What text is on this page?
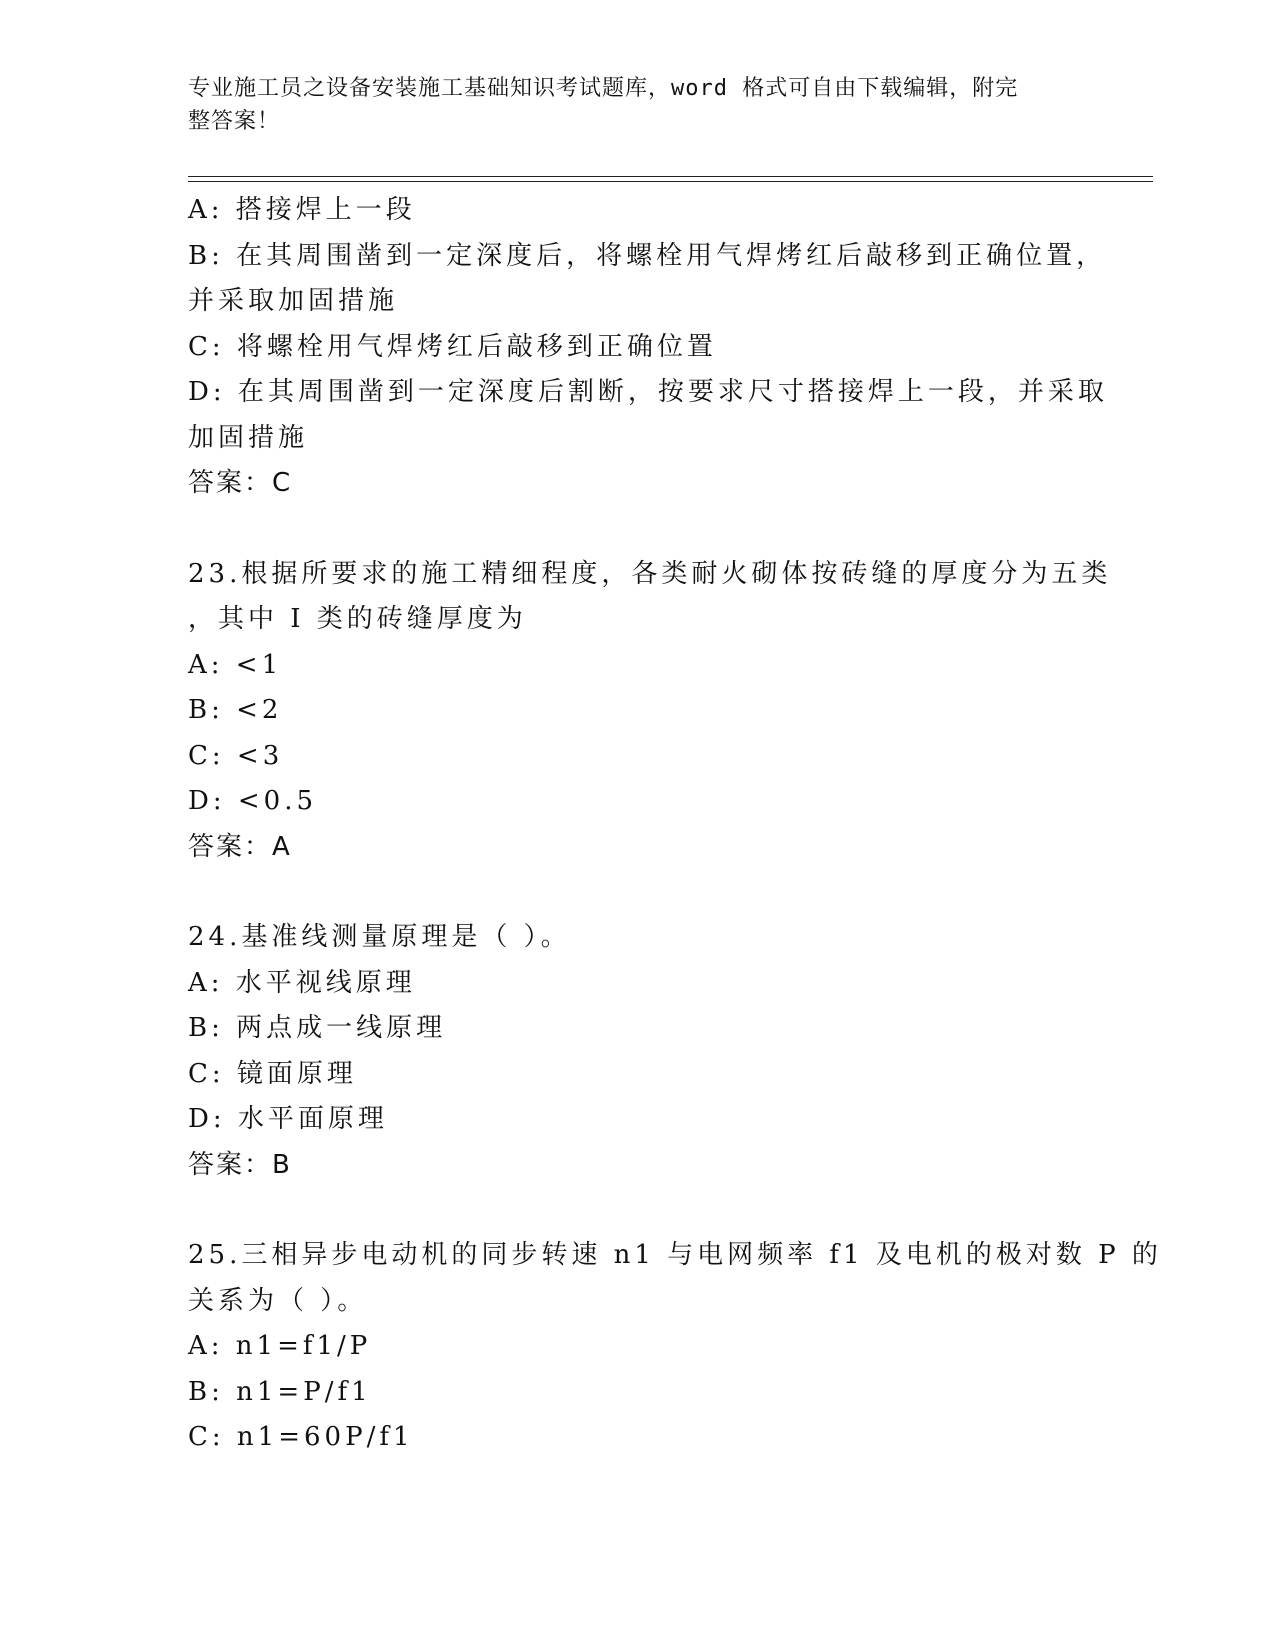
专业施工员之设备安装施工基础知识考试题库，word 格式可自由下载编辑，附完
整答案！
A: 搭接焊上一段
B: 在其周围凿到一定深度后，将螺栓用气焊烤红后敲移到正确位置，
并采取加固措施
C: 将螺栓用气焊烤红后敲移到正确位置
D: 在其周围凿到一定深度后割断，按要求尺寸搭接焊上一段，并采取
加固措施
答案：C
23.根据所要求的施工精细程度，各类耐火砌体按砖缝的厚度分为五类
，其中 I 类的砖缝厚度为
A: <1
B: <2
C: <3
D: <0.5
答案：A
24.基准线测量原理是（ ）。
A: 水平视线原理
B: 两点成一线原理
C: 镜面原理
D: 水平面原理
答案：B
25.三相异步电动机的同步转速 n1 与电网频率 f1 及电机的极对数 P 的
关系为（ ）。
A: n1=f1/P
B: n1=P/f1
C: n1=60P/f1
